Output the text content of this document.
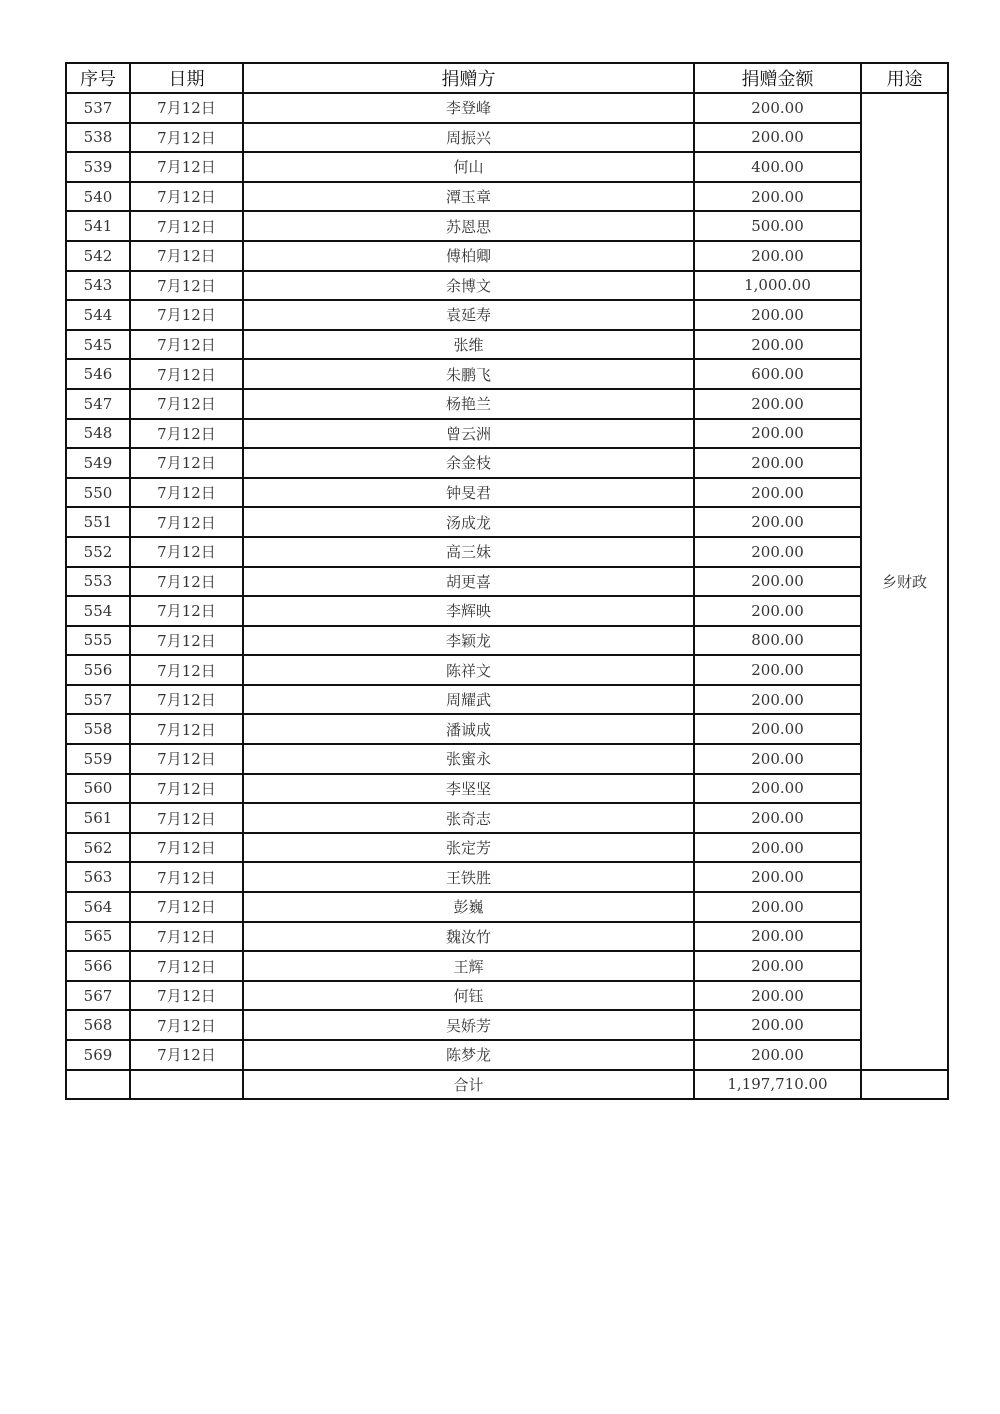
序号	日期	捐赠方	捐赠金额	用途
537	7月12日	李登峰	200.00	乡财政
538	7月12日	周振兴	200.00	
539	7月12日	何山	400.00	
540	7月12日	潭玉章	200.00	
541	7月12日	苏恩思	500.00	
542	7月12日	傅柏卿	200.00	
543	7月12日	余博文	1,000.00	
544	7月12日	袁延寿	200.00	
545	7月12日	张维	200.00	
546	7月12日	朱鹏飞	600.00	
547	7月12日	杨艳兰	200.00	
548	7月12日	曾云洲	200.00	
549	7月12日	余金枝	200.00	
550	7月12日	钟旻君	200.00	
551	7月12日	汤成龙	200.00	
552	7月12日	高三妹	200.00	
553	7月12日	胡更喜	200.00	
554	7月12日	李辉映	200.00	
555	7月12日	李颖龙	800.00	
556	7月12日	陈祥文	200.00	
557	7月12日	周耀武	200.00	
558	7月12日	潘诚成	200.00	
559	7月12日	张蜜永	200.00	
560	7月12日	李坚坚	200.00	
561	7月12日	张奇志	200.00	
562	7月12日	张定芳	200.00	
563	7月12日	王铁胜	200.00	
564	7月12日	彭巍	200.00	
565	7月12日	魏汝竹	200.00	
566	7月12日	王辉	200.00	
567	7月12日	何钰	200.00	
568	7月12日	吴娇芳	200.00	
569	7月12日	陈梦龙	200.00	
		合计	1,197,710.00	
